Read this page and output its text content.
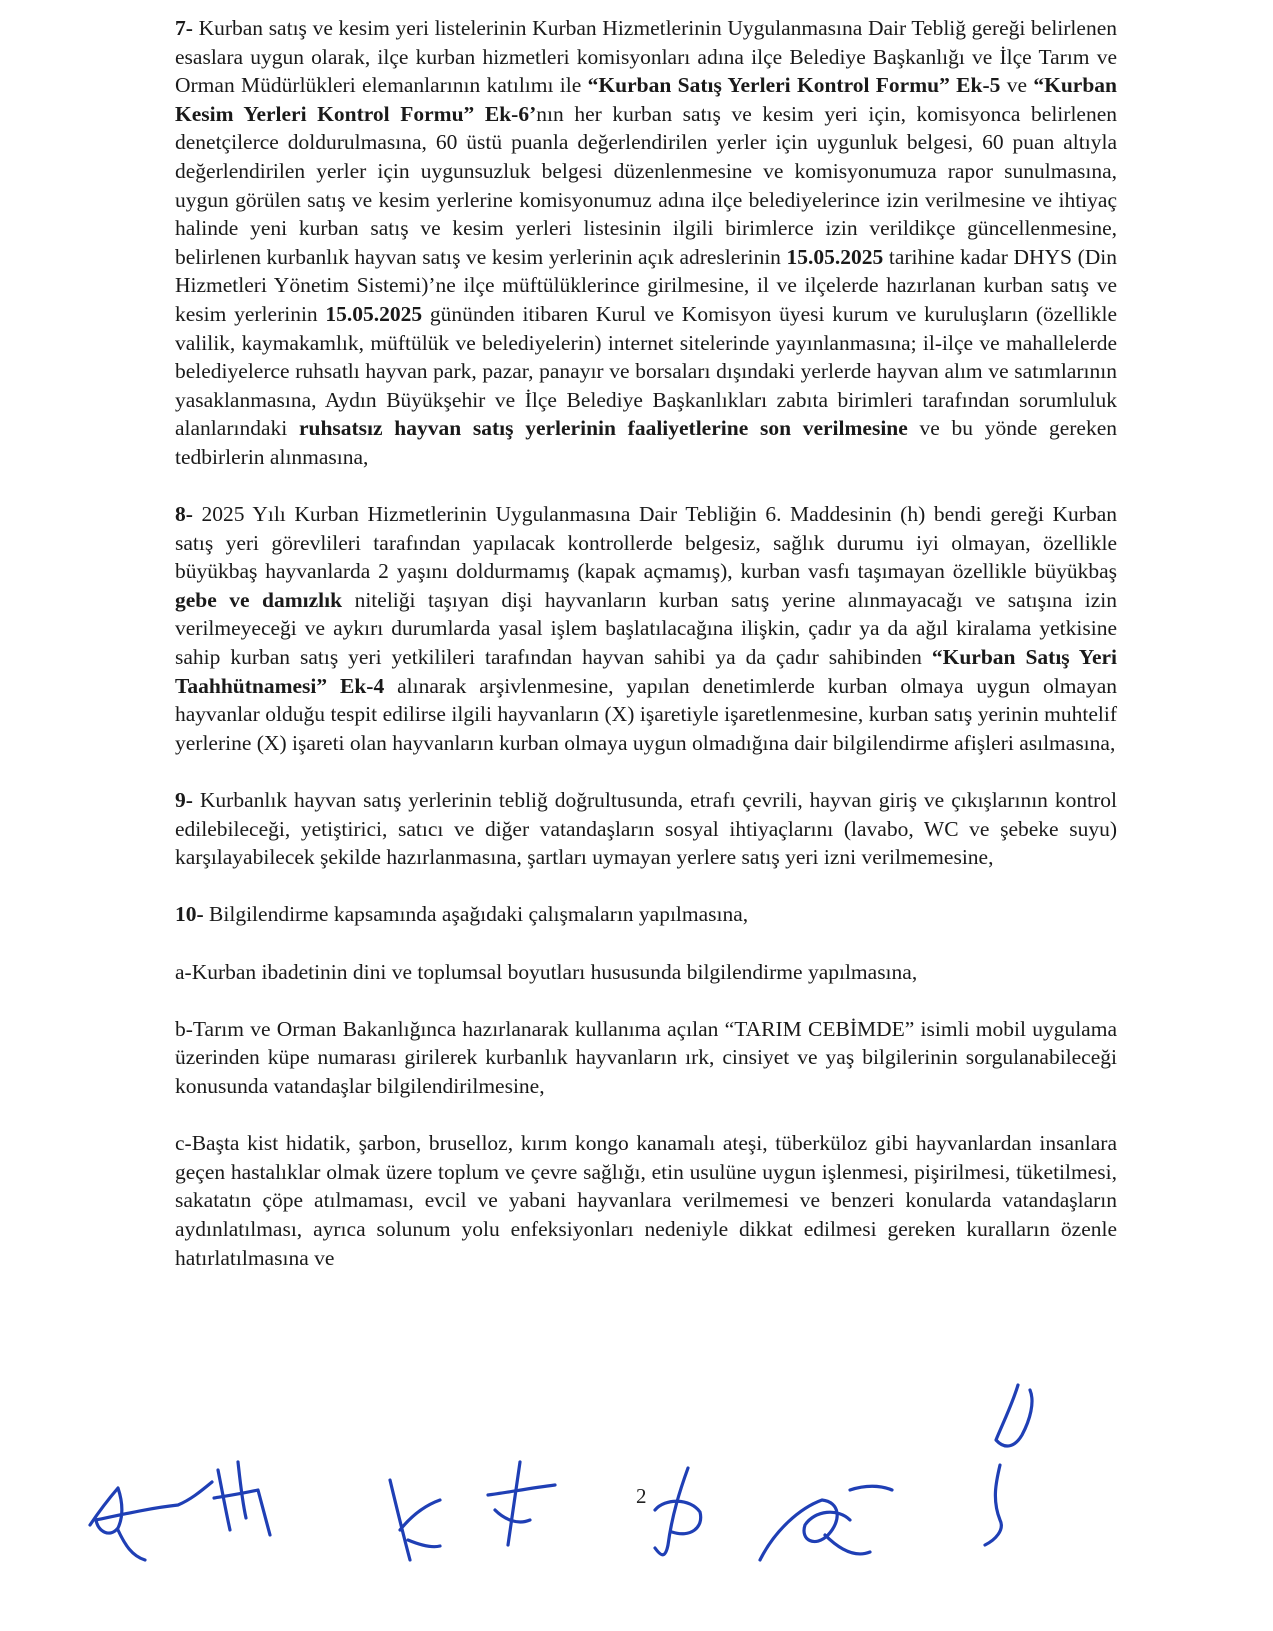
7- Kurban satış ve kesim yeri listelerinin Kurban Hizmetlerinin Uygulanmasına Dair Tebliğ gereği belirlenen esaslara uygun olarak, ilçe kurban hizmetleri komisyonları adına ilçe Belediye Başkanlığı ve İlçe Tarım ve Orman Müdürlükleri elemanlarının katılımı ile “Kurban Satış Yerleri Kontrol Formu” Ek-5 ve “Kurban Kesim Yerleri Kontrol Formu” Ek-6’nın her kurban satış ve kesim yeri için, komisyonca belirlenen denetçilerce doldurulmasına, 60 üstü puanla değerlendirilen yerler için uygunluk belgesi, 60 puan altıyla değerlendirilen yerler için uygunsuzluk belgesi düzenlenmesine ve komisyonumuza rapor sunulmasına, uygun görülen satış ve kesim yerlerine komisyonumuz adına ilçe belediyelerince izin verilmesine ve ihtiyaç halinde yeni kurban satış ve kesim yerleri listesinin ilgili birimlerce izin verildikçe güncellenmesine, belirlenen kurbanlık hayvan satış ve kesim yerlerinin açık adreslerinin 15.05.2025 tarihine kadar DHYS (Din Hizmetleri Yönetim Sistemi)’ne ilçe müftülüklerince girilmesine, il ve ilçelerde hazırlanan kurban satış ve kesim yerlerinin 15.05.2025 gününden itibaren Kurul ve Komisyon üyesi kurum ve kuruluşların (özellikle valilik, kaymakamlık, müftülük ve belediyelerin) internet sitelerinde yayınlanmasına; il-ilçe ve mahallelerde belediyelerce ruhsatlı hayvan park, pazar, panayır ve borsaları dışındaki yerlerde hayvan alım ve satımlarının yasaklanmasına, Aydın Büyükşehir ve İlçe Belediye Başkanlıkları zabıta birimleri tarafından sorumluluk alanlarındaki ruhsatsız hayvan satış yerlerinin faaliyetlerine son verilmesine ve bu yönde gereken tedbirlerin alınmasına,

8- 2025 Yılı Kurban Hizmetlerinin Uygulanmasına Dair Tebliğin 6. Maddesinin (h) bendi gereği Kurban satış yeri görevlileri tarafından yapılacak kontrollerde belgesiz, sağlık durumu iyi olmayan, özellikle büyükbaş hayvanlarda 2 yaşını doldurmamış (kapak açmamış), kurban vasfı taşımayan özellikle büyükbaş gebe ve damızlık niteliği taşıyan dişi hayvanların kurban satış yerine alınmayacağı ve satışına izin verilmeyeceği ve aykırı durumlarda yasal işlem başlatılacağına ilişkin, çadır ya da ağıl kiralama yetkisine sahip kurban satış yeri yetkilileri tarafından hayvan sahibi ya da çadır sahibinden “Kurban Satış Yeri Taahhütnamesi” Ek-4 alınarak arşivlenmesine, yapılan denetimlerde kurban olmaya uygun olmayan hayvanlar olduğu tespit edilirse ilgili hayvanların (X) işaretiyle işaretlenmesine, kurban satış yerinin muhtelif yerlerine (X) işareti olan hayvanların kurban olmaya uygun olmadığına dair bilgilendirme afişleri asılmasına,

9- Kurbanlık hayvan satış yerlerinin tebliğ doğrultusunda, etrafı çevrili, hayvan giriş ve çıkışlarının kontrol edilebileceği, yetiştirici, satıcı ve diğer vatandaşların sosyal ihtiyaçlarını (lavabo, WC ve şebeke suyu) karşılayabilecek şekilde hazırlanmasına, şartları uymayan yerlere satış yeri izni verilmemesine,

10- Bilgilendirme kapsamında aşağıdaki çalışmaların yapılmasına,

a-Kurban ibadetinin dini ve toplumsal boyutları hususunda bilgilendirme yapılmasına,

b-Tarım ve Orman Bakanlığınca hazırlanarak kullanıma açılan “TARIM CEBİMDE” isimli mobil uygulama üzerinden küpe numarası girilerek kurbanlık hayvanların ırk, cinsiyet ve yaş bilgilerinin sorgulanabileceği konusunda vatandaşlar bilgilendirilmesine,

c-Başta kist hidatik, şarbon, bruselloz, kırım kongo kanamalı ateşi, tüberküloz gibi hayvanlardan insanlara geçen hastalıklar olmak üzere toplum ve çevre sağlığı, etin usulüne uygun işlenmesi, pişirilmesi, tüketilmesi, sakatatın çöpe atılmaması, evcil ve yabani hayvanlara verilmemesi ve benzeri konularda vatandaşların aydınlatılması, ayrıca solunum yolu enfeksiyonları nedeniyle dikkat edilmesi gereken kuralların özenle hatırlatılmasına ve

2
